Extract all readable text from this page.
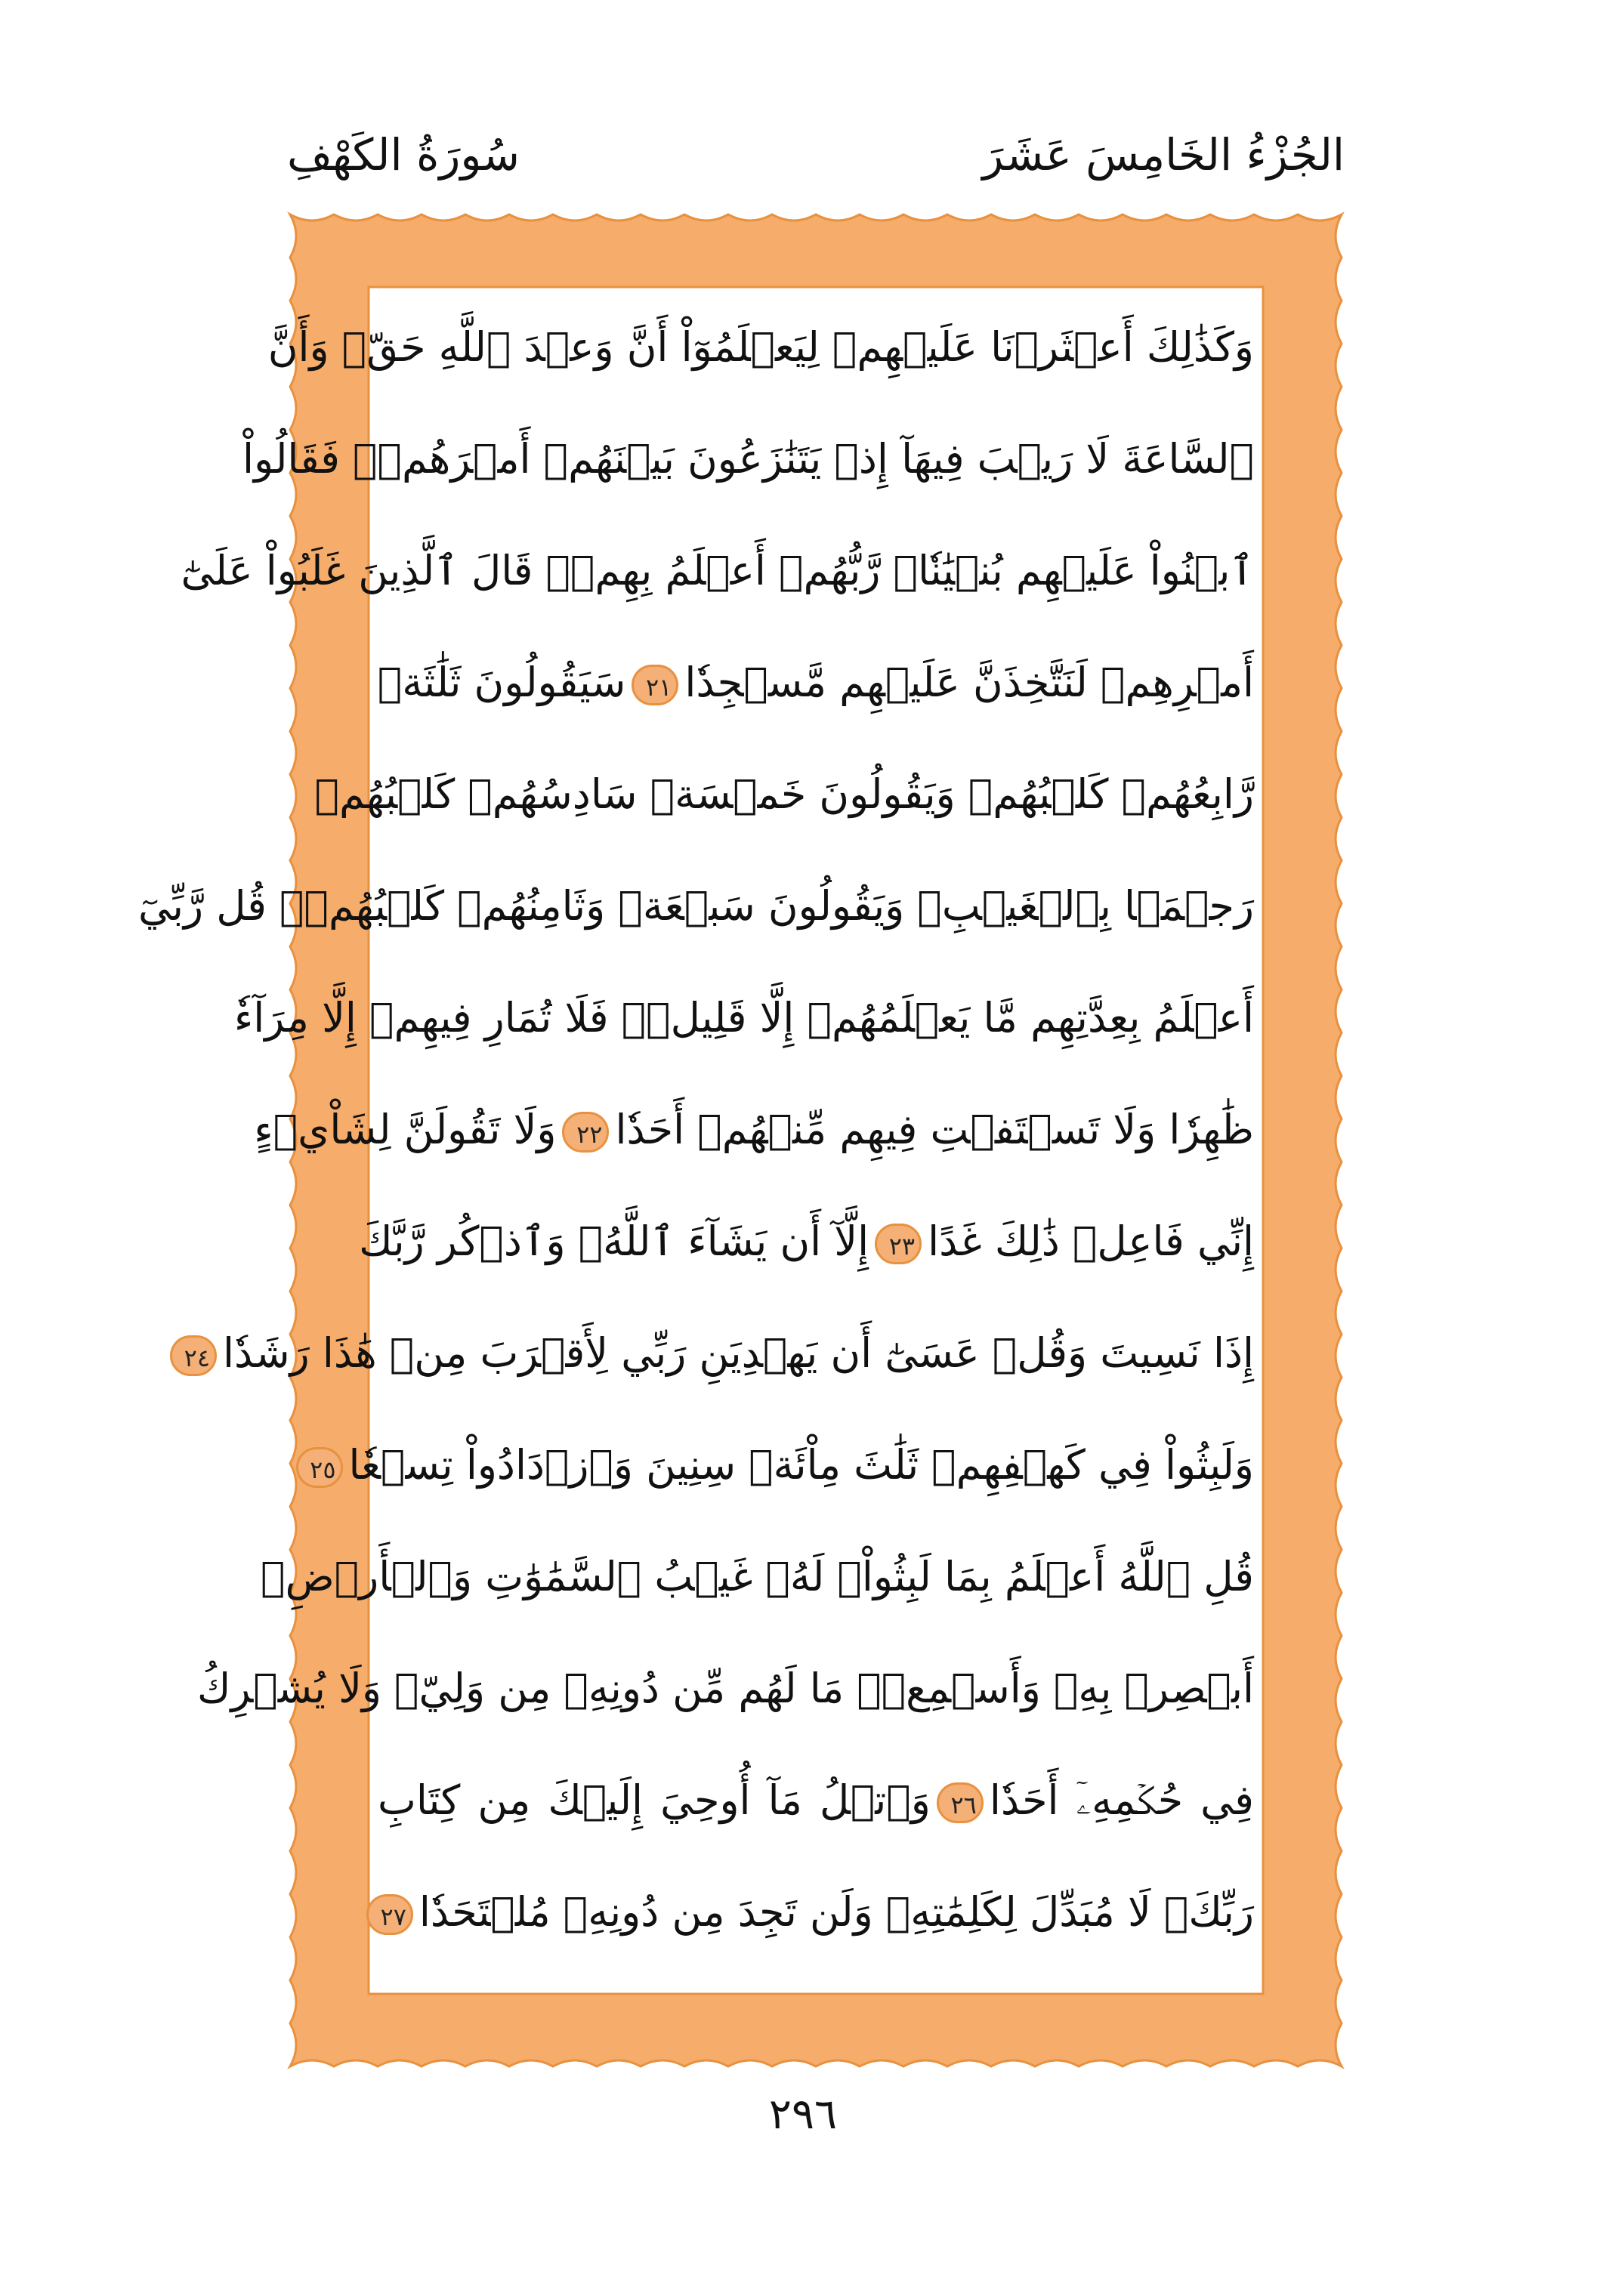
الجُزْءُ الخَامِسَ عَشَرَ
سُورَةُ الكَهْفِ
وَكَذَٰلِكَ أَعۡثَرۡنَا عَلَيۡهِمۡ لِيَعۡلَمُوٓاْ أَنَّ وَعۡدَ ٱللَّهِ حَقّٞ وَأَنَّ
ٱلسَّاعَةَ لَا رَيۡبَ فِيهَآ إِذۡ يَتَنَٰزَعُونَ بَيۡنَهُمۡ أَمۡرَهُمۡۖ فَقَالُواْ
ٱبۡنُواْ عَلَيۡهِم بُنۡيَٰنٗاۖ رَّبُّهُمۡ أَعۡلَمُ بِهِمۡۚ قَالَ ٱلَّذِينَ غَلَبُواْ عَلَىٰٓ
أَمۡرِهِمۡ لَنَتَّخِذَنَّ عَلَيۡهِم مَّسۡجِدٗا٢١سَيَقُولُونَ ثَلَٰثَةٞ
رَّابِعُهُمۡ كَلۡبُهُمۡ وَيَقُولُونَ خَمۡسَةٞ سَادِسُهُمۡ كَلۡبُهُمۡ
رَجۡمَۢا بِٱلۡغَيۡبِۖ وَيَقُولُونَ سَبۡعَةٞ وَثَامِنُهُمۡ كَلۡبُهُمۡۚ قُل رَّبِّيٓ
أَعۡلَمُ بِعِدَّتِهِم مَّا يَعۡلَمُهُمۡ إِلَّا قَلِيلٞۗ فَلَا تُمَارِ فِيهِمۡ إِلَّا مِرَآءٗ
ظَٰهِرٗا وَلَا تَسۡتَفۡتِ فِيهِم مِّنۡهُمۡ أَحَدٗا٢٢وَلَا تَقُولَنَّ لِشَاْيۡءٍ
إِنِّي فَاعِلٞ ذَٰلِكَ غَدًا٢٣إِلَّآ أَن يَشَآءَ ٱللَّهُۚ وَٱذۡكُر رَّبَّكَ
إِذَا نَسِيتَ وَقُلۡ عَسَىٰٓ أَن يَهۡدِيَنِ رَبِّي لِأَقۡرَبَ مِنۡ هَٰذَا رَشَدٗا٢٤
وَلَبِثُواْ فِي كَهۡفِهِمۡ ثَلَٰثَ مِاْئَةٖ سِنِينَ وَٱزۡدَادُواْ تِسۡعٗا٢٥
قُلِ ٱللَّهُ أَعۡلَمُ بِمَا لَبِثُواْۖ لَهُۥ غَيۡبُ ٱلسَّمَٰوَٰتِ وَٱلۡأَرۡضِۖ
أَبۡصِرۡ بِهِۦ وَأَسۡمِعۡۚ مَا لَهُم مِّن دُونِهِۦ مِن وَلِيّٖ وَلَا يُشۡرِكُ
فِي حُكۡمِهِۦٓ أَحَدٗا٢٦وَٱتۡلُ مَآ أُوحِيَ إِلَيۡكَ مِن كِتَابِ
رَبِّكَۖ لَا مُبَدِّلَ لِكَلِمَٰتِهِۦ وَلَن تَجِدَ مِن دُونِهِۦ مُلۡتَحَدٗا٢٧
٢٩٦
